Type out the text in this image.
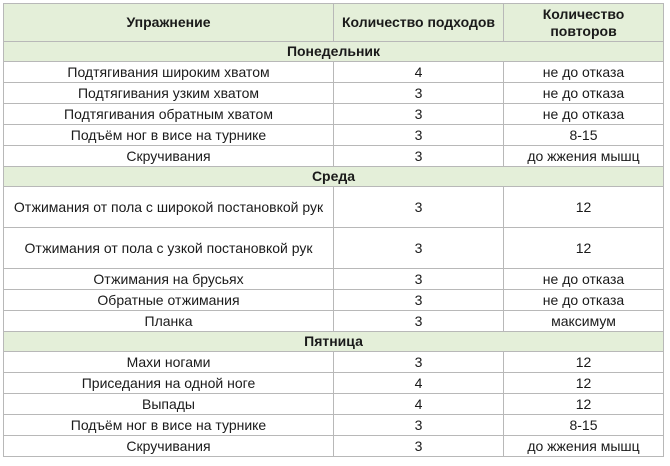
Упражнение	Количество подходов	Количество повторов
Понедельник		
Подтягивания широким хватом	4	не до отказа
Подтягивания узким хватом	3	не до отказа
Подтягивания обратным хватом	3	не до отказа
Подъём ног в висе на турнике	3	8-15
Скручивания	3	до жжения мышц
Среда		
Отжимания от пола с широкой постановкой рук	3	12
Отжимания от пола с узкой постановкой рук	3	12
Отжимания на брусьях	3	не до отказа
Обратные отжимания	3	не до отказа
Планка	3	максимум
Пятница		
Махи ногами	3	12
Приседания на одной ноге	4	12
Выпады	4	12
Подъём ног в висе на турнике	3	8-15
Скручивания	3	до жжения мышц
